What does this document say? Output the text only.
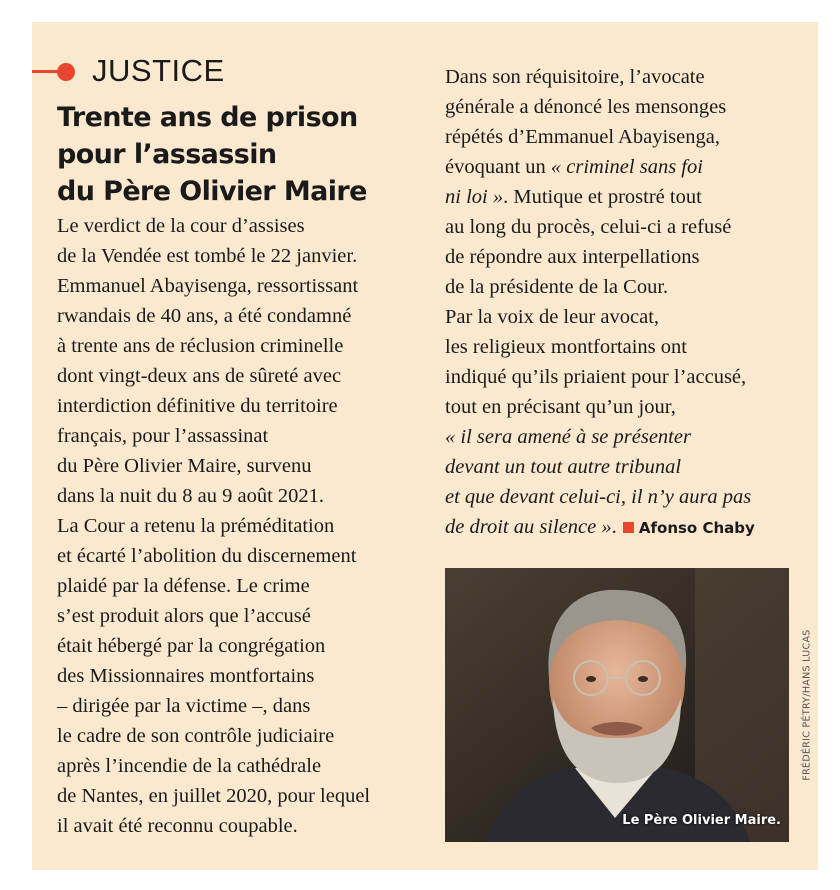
JUSTICE
Trente ans de prison
pour l’assassin
du Père Olivier Maire
Le verdict de la cour d’assises
de la Vendée est tombé le 22 janvier.
Emmanuel Abayisenga, ressortissant
rwandais de 40 ans, a été condamné
à trente ans de réclusion criminelle
dont vingt-deux ans de sûreté avec
interdiction définitive du territoire
français, pour l’assassinat
du Père Olivier Maire, survenu
dans la nuit du 8 au 9 août 2021.
La Cour a retenu la préméditation
et écarté l’abolition du discernement
plaidé par la défense. Le crime
s’est produit alors que l’accusé
était hébergé par la congrégation
des Missionnaires montfortains
– dirigée par la victime –, dans
le cadre de son contrôle judiciaire
après l’incendie de la cathédrale
de Nantes, en juillet 2020, pour lequel
il avait été reconnu coupable.
Dans son réquisitoire, l’avocate
générale a dénoncé les mensonges
répétés d’Emmanuel Abayisenga,
évoquant un « criminel sans foi
ni loi ». Mutique et prostré tout
au long du procès, celui-ci a refusé
de répondre aux interpellations
de la présidente de la Cour.
Par la voix de leur avocat,
les religieux montfortains ont
indiqué qu’ils priaient pour l’accusé,
tout en précisant qu’un jour,
« il sera amené à se présenter
devant un tout autre tribunal
et que devant celui-ci, il n’y aura pas
de droit au silence ». Afonso Chaby
Le Père Olivier Maire.
FRÉDÉRIC PÉTRY/HANS LUCAS
